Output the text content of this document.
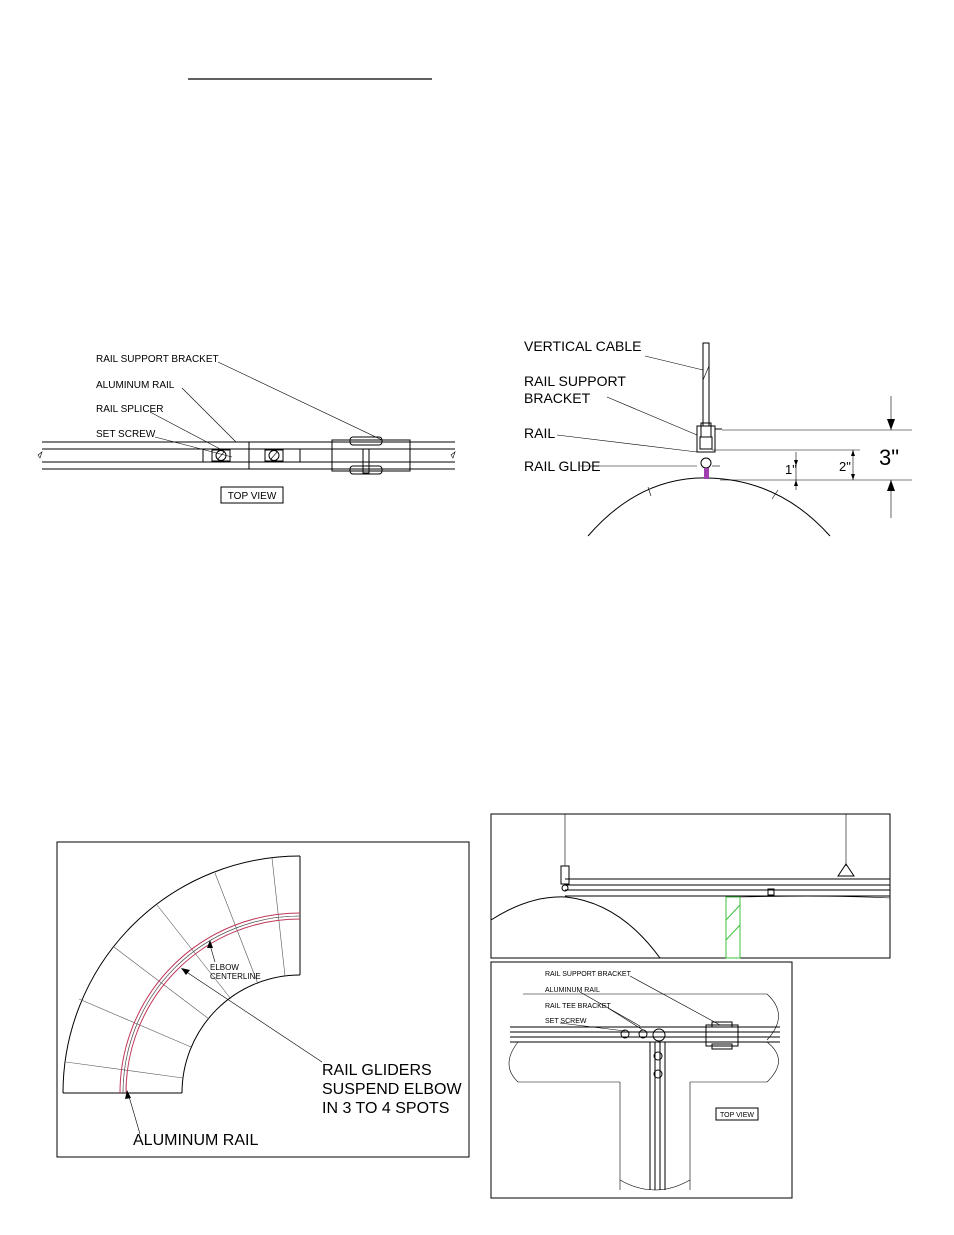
RAIL SUPPORT BRACKET
ALUMINUM RAIL
RAIL SPLICER
SET SCREW
TOP VIEW
VERTICAL CABLE
RAIL SUPPORT
BRACKET
RAIL
RAIL GLIDE	1"	2" 3"
ELBOW
CENTERLINE
RAIL GLIDERS
SUSPEND ELBOW
IN 3 TO 4 SPOTS
ALUMINUM RAIL
RAIL SUPPORT BRACKET
ALUMINUM RAIL
RAIL TEE BRACKET
SET SCREW
TOP VIEW
